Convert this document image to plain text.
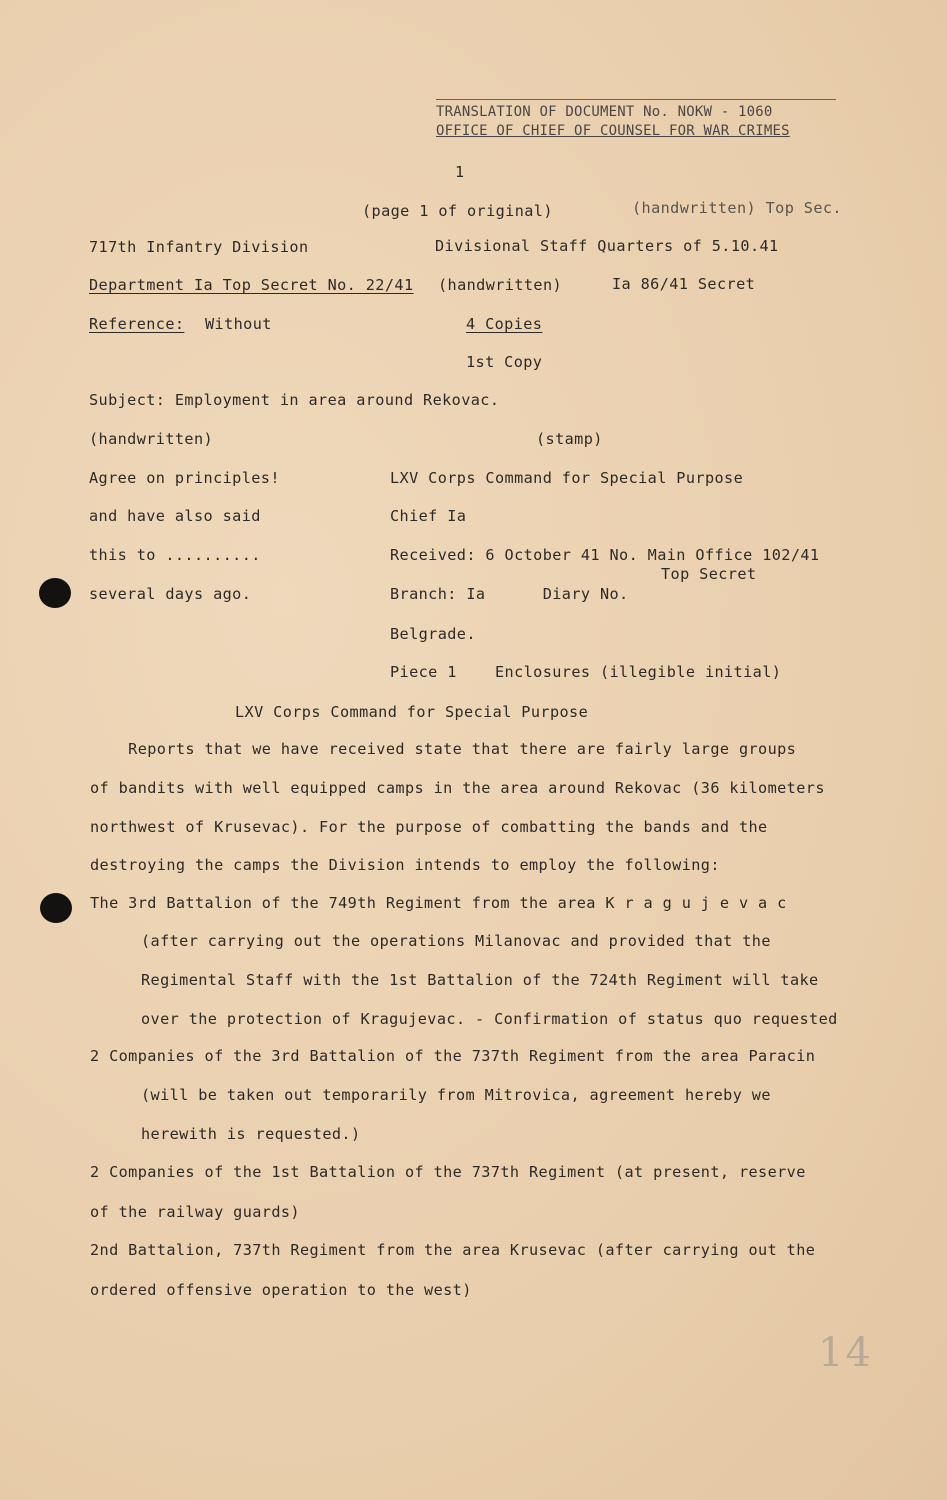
TRANSLATION OF DOCUMENT No. NOKW - 1060
OFFICE OF CHIEF OF COUNSEL FOR WAR CRIMES
1
(page 1 of original)	(handwritten) Top Sec.
717th Infantry Division	Divisional Staff Quarters of 5.10.41
Department Ia Top Secret No. 22/41 (handwritten)	Ia 86/41 Secret
Reference: Without	4 Copies
1st Copy
Subject: Employment in area around Rekovac.
(handwritten)
Agree on principles!
and have also said
this to ..........
several days ago.
(stamp)
LXV Corps Command for Special Purpose
Chief Ia
Received: 6 October 41 No. Main Office 102/41
Top Secret
Branch: Ia      Diary No.
Belgrade.
Piece 1    Enclosures (illegible initial)
LXV Corps Command for Special Purpose
Reports that we have received state that there are fairly large groups
of bandits with well equipped camps in the area around Rekovac (36 kilometers
northwest of Krusevac). For the purpose of combatting the bands and the
destroying the camps the Division intends to employ the following:
The 3rd Battalion of the 749th Regiment from the area K r a g u j e v a c
(after carrying out the operations Milanovac and provided that the
Regimental Staff with the 1st Battalion of the 724th Regiment will take
over the protection of Kragujevac. - Confirmation of status quo requested
2 Companies of the 3rd Battalion of the 737th Regiment from the area Paracin
(will be taken out temporarily from Mitrovica, agreement hereby we
herewith is requested.)
2 Companies of the 1st Battalion of the 737th Regiment (at present, reserve
of the railway guards)
2nd Battalion, 737th Regiment from the area Krusevac (after carrying out the
ordered offensive operation to the west)
14
